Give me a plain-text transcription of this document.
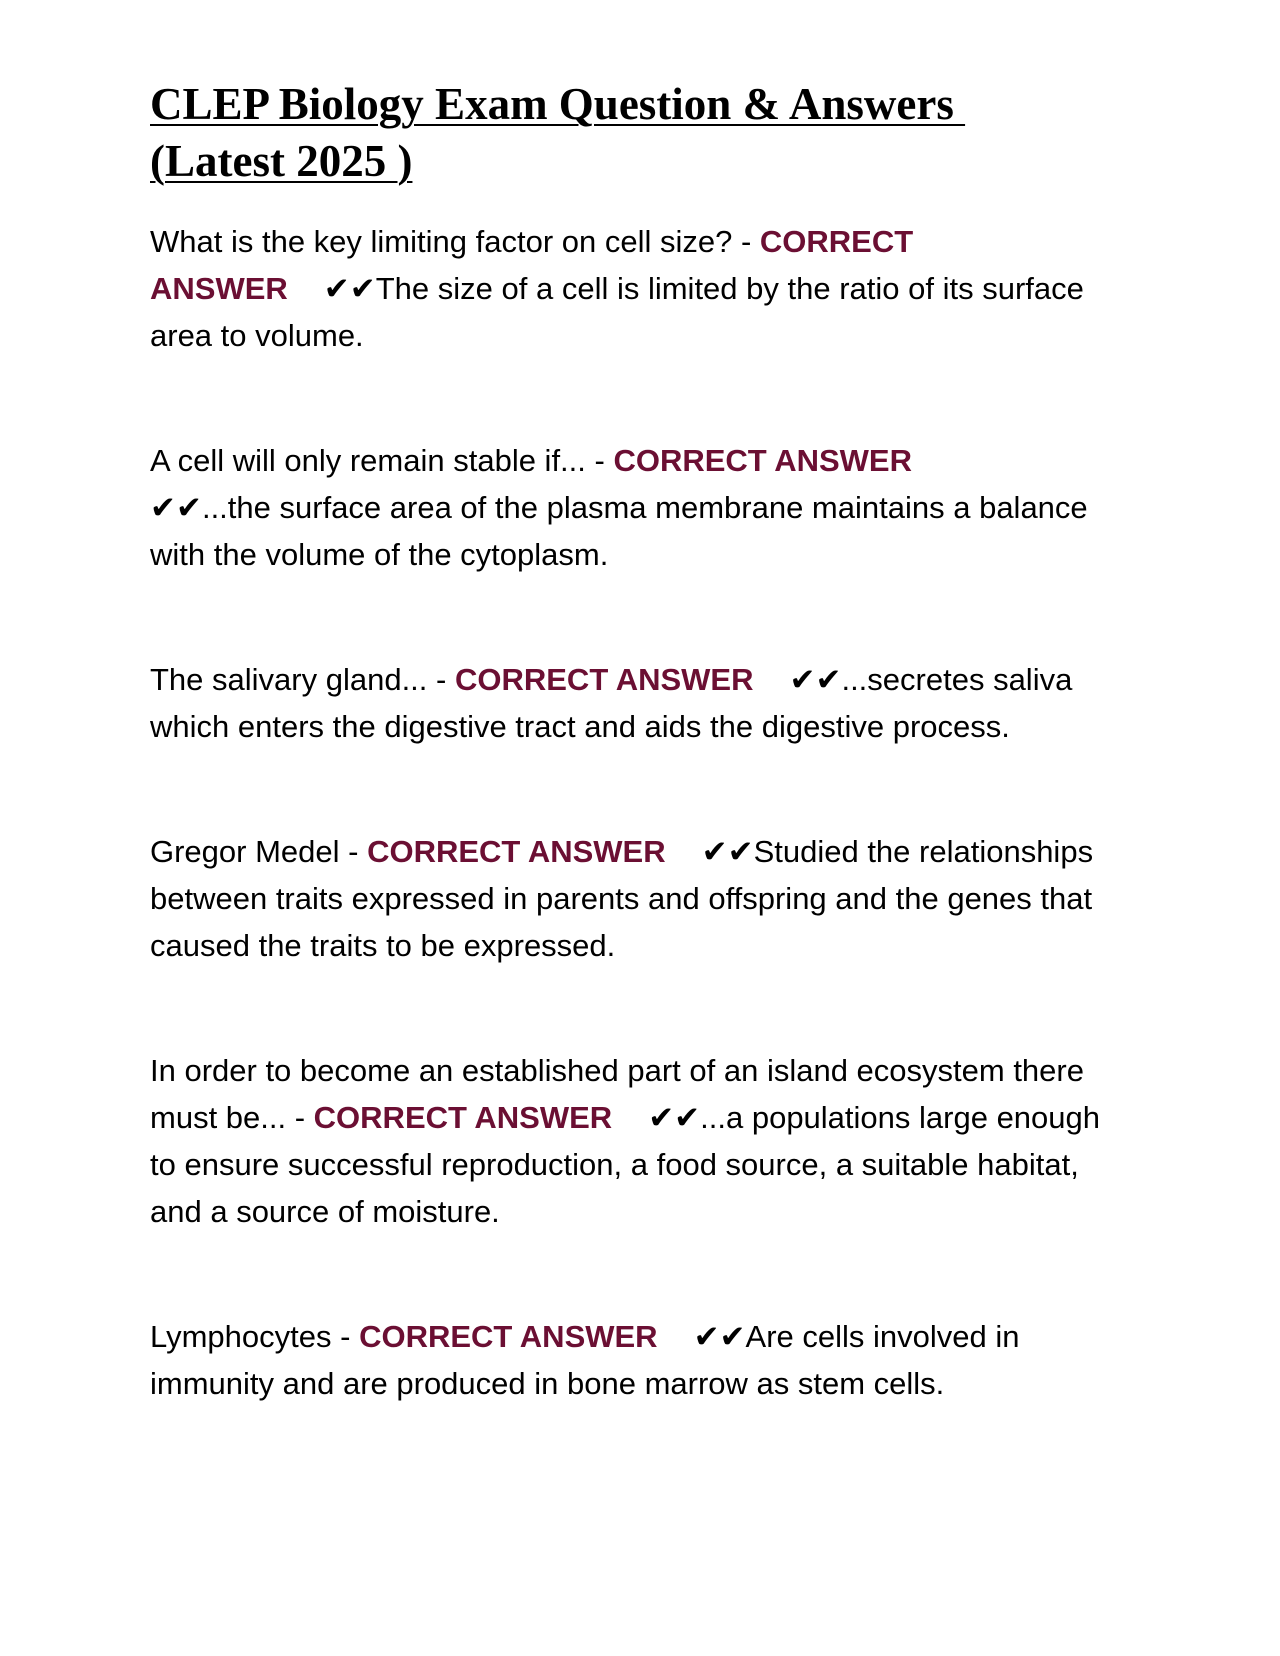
CLEP Biology Exam Question & Answers
(Latest 2025 )
What is the key limiting factor on cell size? - CORRECT ANSWER ✔✔The size of a cell is limited by the ratio of its surface area to volume.
A cell will only remain stable if... - CORRECT ANSWER
✔✔...the surface area of the plasma membrane maintains a balance with the volume of the cytoplasm.
The salivary gland... - CORRECT ANSWER ✔✔...secretes saliva which enters the digestive tract and aids the digestive process.
Gregor Medel - CORRECT ANSWER ✔✔Studied the relationships between traits expressed in parents and offspring and the genes that caused the traits to be expressed.
In order to become an established part of an island ecosystem there must be... - CORRECT ANSWER ✔✔...a populations large enough to ensure successful reproduction, a food source, a suitable habitat, and a source of moisture.
Lymphocytes - CORRECT ANSWER ✔✔Are cells involved in immunity and are produced in bone marrow as stem cells.
